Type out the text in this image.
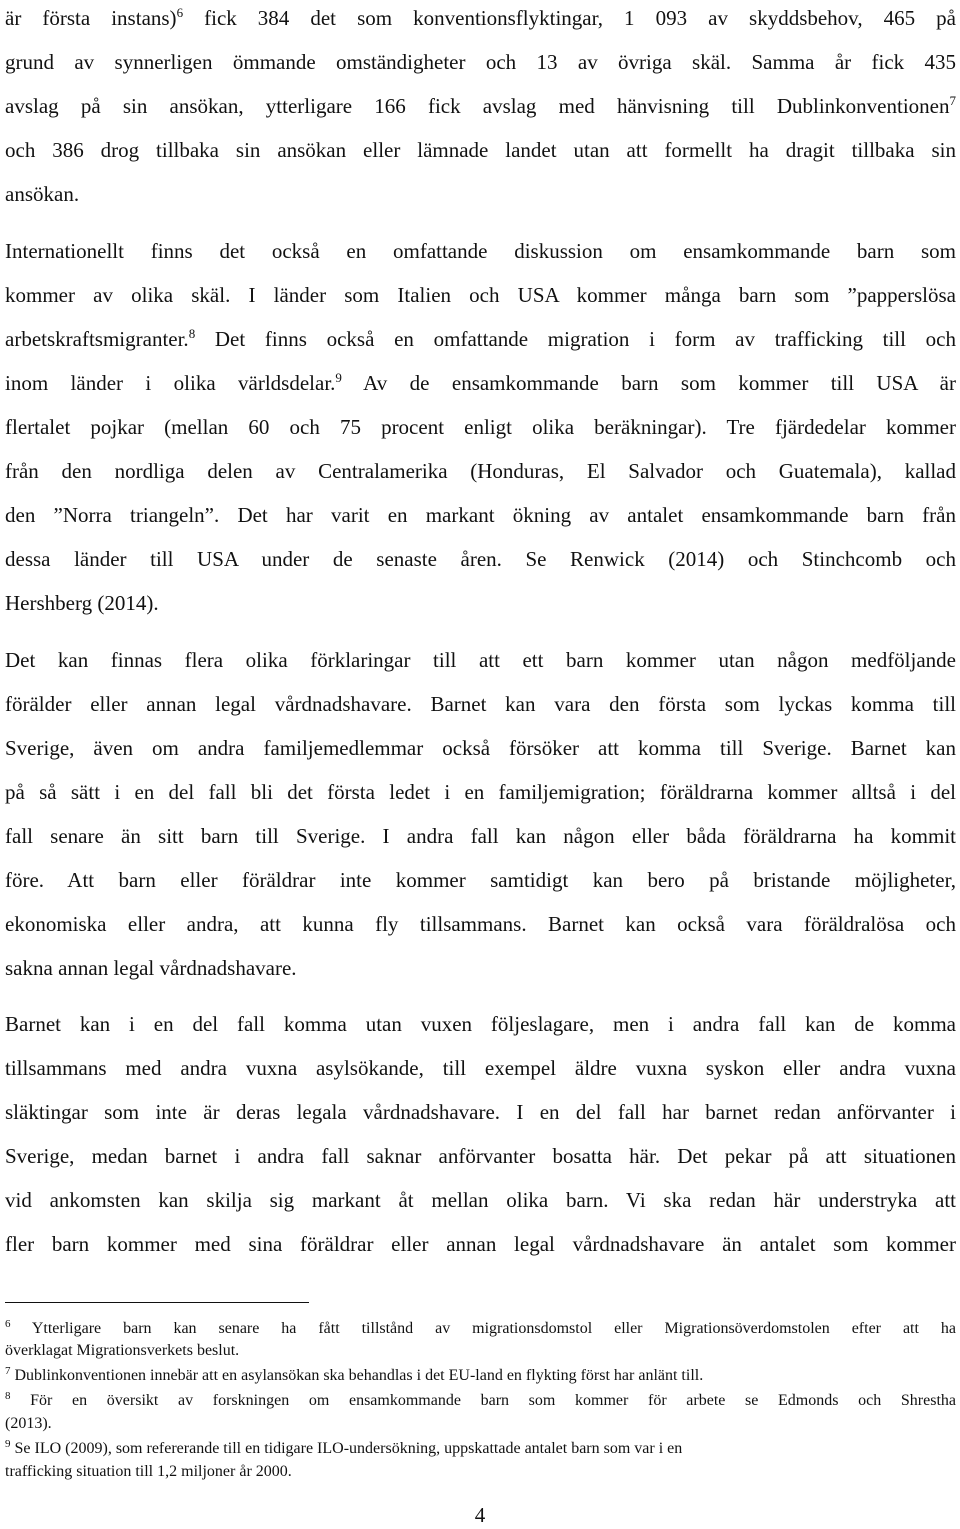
är första instans)$^6$ fick 384 det som konventionsflyktingar, 1 093 av skyddsbehov, 465 på
grund av synnerligen ömmande omständigheter och 13 av övriga skäl. Samma år fick 435
avslag på sin ansökan, ytterligare 166 fick avslag med hänvisning till Dublinkonventionen$^7$
och 386 drog tillbaka sin ansökan eller lämnade landet utan att formellt ha dragit tillbaka sin
ansökan.
Internationellt finns det också en omfattande diskussion om ensamkommande barn som
kommer av olika skäl. I länder som Italien och USA kommer många barn som ”papperslösa
arbetskraftsmigranter.$^8$ Det finns också en omfattande migration i form av trafficking till och
inom länder i olika världsdelar.$^9$ Av de ensamkommande barn som kommer till USA är
flertalet pojkar (mellan 60 och 75 procent enligt olika beräkningar). Tre fjärdedelar kommer
från den nordliga delen av Centralamerika (Honduras, El Salvador och Guatemala), kallad
den ”Norra triangeln”. Det har varit en markant ökning av antalet ensamkommande barn från
dessa länder till USA under de senaste åren. Se Renwick (2014) och Stinchcomb och
Hershberg (2014).
Det kan finnas flera olika förklaringar till att ett barn kommer utan någon medföljande
förälder eller annan legal vårdnadshavare. Barnet kan vara den första som lyckas komma till
Sverige, även om andra familjemedlemmar också försöker att komma till Sverige. Barnet kan
på så sätt i en del fall bli det första ledet i en familjemigration; föräldrarna kommer alltså i del
fall senare än sitt barn till Sverige. I andra fall kan någon eller båda föräldrarna ha kommit
före. Att barn eller föräldrar inte kommer samtidigt kan bero på bristande möjligheter,
ekonomiska eller andra, att kunna fly tillsammans. Barnet kan också vara föräldralösa och
sakna annan legal vårdnadshavare.
Barnet kan i en del fall komma utan vuxen följeslagare, men i andra fall kan de komma
tillsammans med andra vuxna asylsökande, till exempel äldre vuxna syskon eller andra vuxna
släktingar som inte är deras legala vårdnadshavare. I en del fall har barnet redan anförvanter i
Sverige, medan barnet i andra fall saknar anförvanter bosatta här. Det pekar på att situationen
vid ankomsten kan skilja sig markant åt mellan olika barn. Vi ska redan här understryka att
fler barn kommer med sina föräldrar eller annan legal vårdnadshavare än antalet som kommer
$^6$ Ytterligare barn kan senare ha fått tillstånd av migrationsdomstol eller Migrationsöverdomstolen efter att ha
överklagat Migrationsverkets beslut.
$^7$ Dublinkonventionen innebär att en asylansökan ska behandlas i det EU-land en flykting först har anlänt till.
$^8$ För en översikt av forskningen om ensamkommande barn som kommer för arbete se Edmonds och Shrestha
(2013).
$^9$ Se ILO (2009), som refererande till en tidigare ILO-undersökning, uppskattade antalet barn som var i en
trafficking situation till 1,2 miljoner år 2000.
4
